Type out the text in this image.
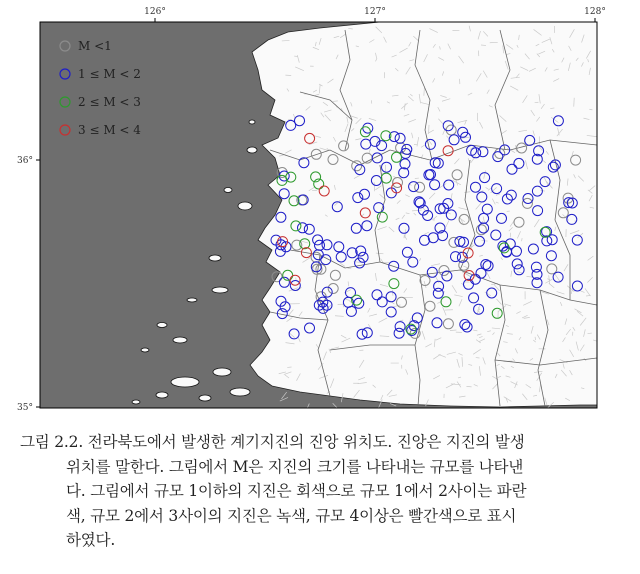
126°	127°	128°
36°
35°
M <1
1 ≤ M < 2
2 ≤ M < 3
3 ≤ M < 4
그림 2.2. 전라북도에서 발생한 계기지진의 진앙 위치도. 진앙은 지진의 발생
위치를 말한다. 그림에서 M은 지진의 크기를 나타내는 규모를 나타낸
다. 그림에서 규모 1이하의 지진은 회색으로 규모 1에서 2사이는 파란
색, 규모 2에서 3사이의 지진은 녹색, 규모 4이상은 빨간색으로 표시
하였다.
